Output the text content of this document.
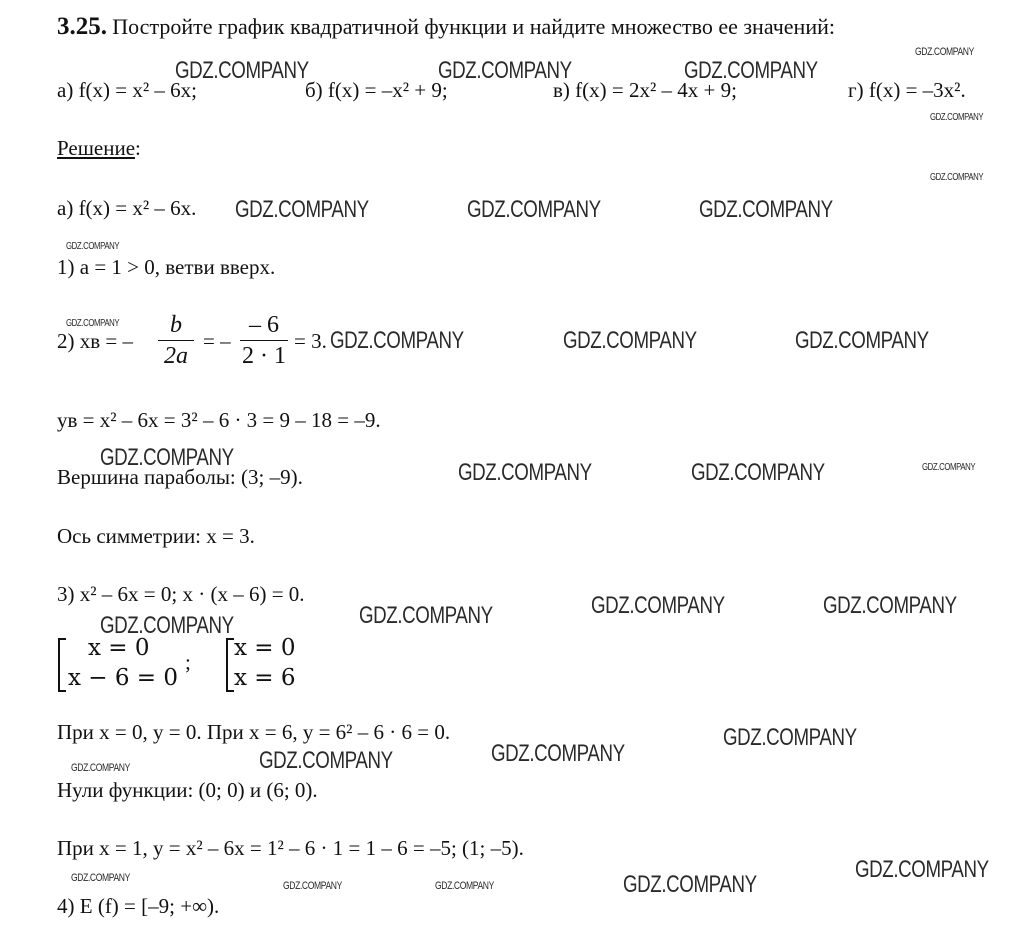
3.25. Постройте график квадратичной функции и найдите множество ее значений:
а) f(x) = x² – 6x;	б) f(x) = –x² + 9;	в) f(x) = 2x² – 4x + 9;	г) f(x) = –3x².
Решение:
а) f(x) = x² – 6x.
1) a = 1 > 0, ветви вверх.
2) xв = –
b
2a
= –
– 6
2 · 1
= 3.
yв = x² – 6x = 3² – 6 · 3 = 9 – 18 = –9.
Вершина параболы: (3; –9).
Ось симметрии: x = 3.
3) x² – 6x = 0; x · (x – 6) = 0.
x = 0
x − 6 = 0
;
x = 0
x = 6
При x = 0, y = 0. При x = 6, y = 6² – 6 · 6 = 0.
Нули функции: (0; 0) и (6; 0).
При x = 1, y = x² – 6x = 1² – 6 · 1 = 1 – 6 = –5; (1; –5).
4) E (f) = [–9; +∞).
GDZ.COMPANY	GDZ.COMPANY	GDZ.COMPANY
GDZ.COMPANY
GDZ.COMPANY
GDZ.COMPANY
GDZ.COMPANY	GDZ.COMPANY	GDZ.COMPANY
GDZ.COMPANY
GDZ.COMPANY
GDZ.COMPANY	GDZ.COMPANY	GDZ.COMPANY
GDZ.COMPANY
GDZ.COMPANY	GDZ.COMPANY	GDZ.COMPANY
GDZ.COMPANY	GDZ.COMPANY	GDZ.COMPANY
GDZ.COMPANY
GDZ.COMPANY
GDZ.COMPANY
GDZ.COMPANY
GDZ.COMPANY
GDZ.COMPANY
GDZ.COMPANY
GDZ.COMPANY
GDZ.COMPANY	GDZ.COMPANY
